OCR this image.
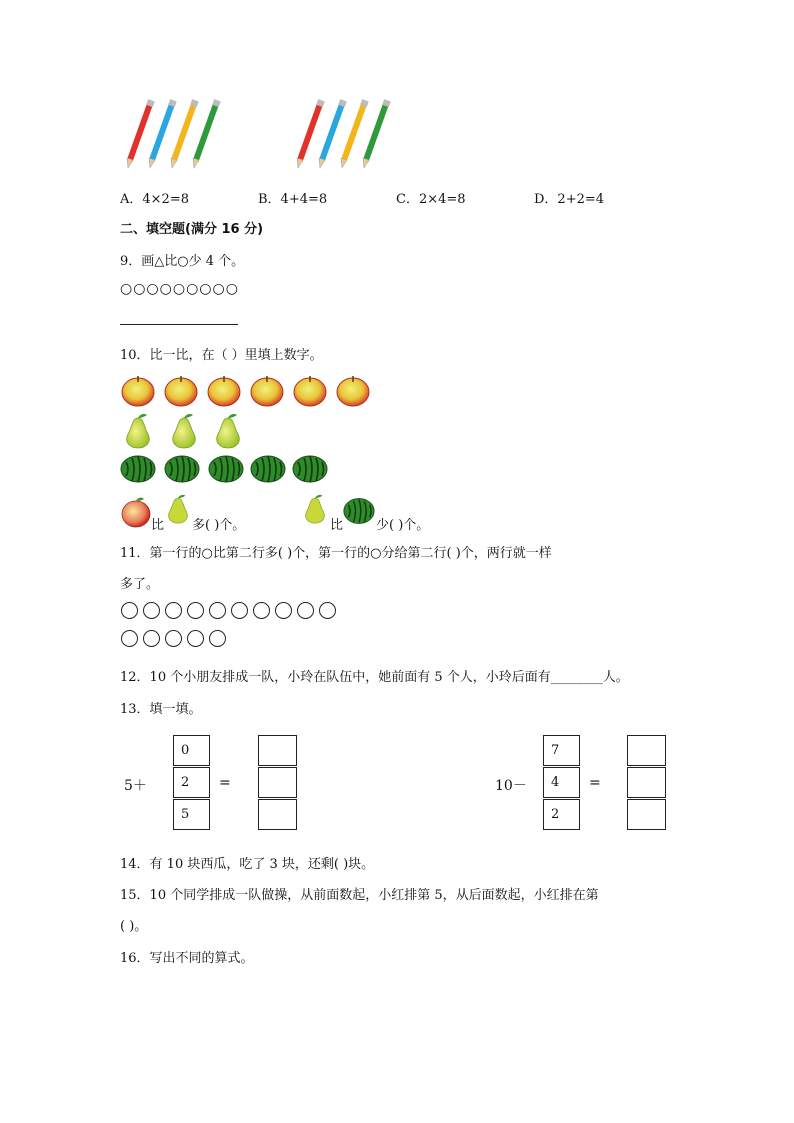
A．4×2=8	B．4+4=8	C．2×4=8	D．2+2=4
二、填空题(满分 16 分)
9．画△比○少 4 个。
○○○○○○○○○
10．比一比，在（ ）里填上数字。
比 多( )个。	比	少( )个。
11．第一行的○比第二行多( )个，第一行的○分给第二行( )个，两行就一样
多了。
12．10 个小朋友排成一队，小玲在队伍中，她前面有 5 个人，小玲后面有________人。
13．填一填。
5＋
0
2
5
=	10－
7
4
2
=
14．有 10 块西瓜，吃了 3 块，还剩( )块。
15．10 个同学排成一队做操，从前面数起，小红排第 5，从后面数起，小红排在第
( )。
16．写出不同的算式。
